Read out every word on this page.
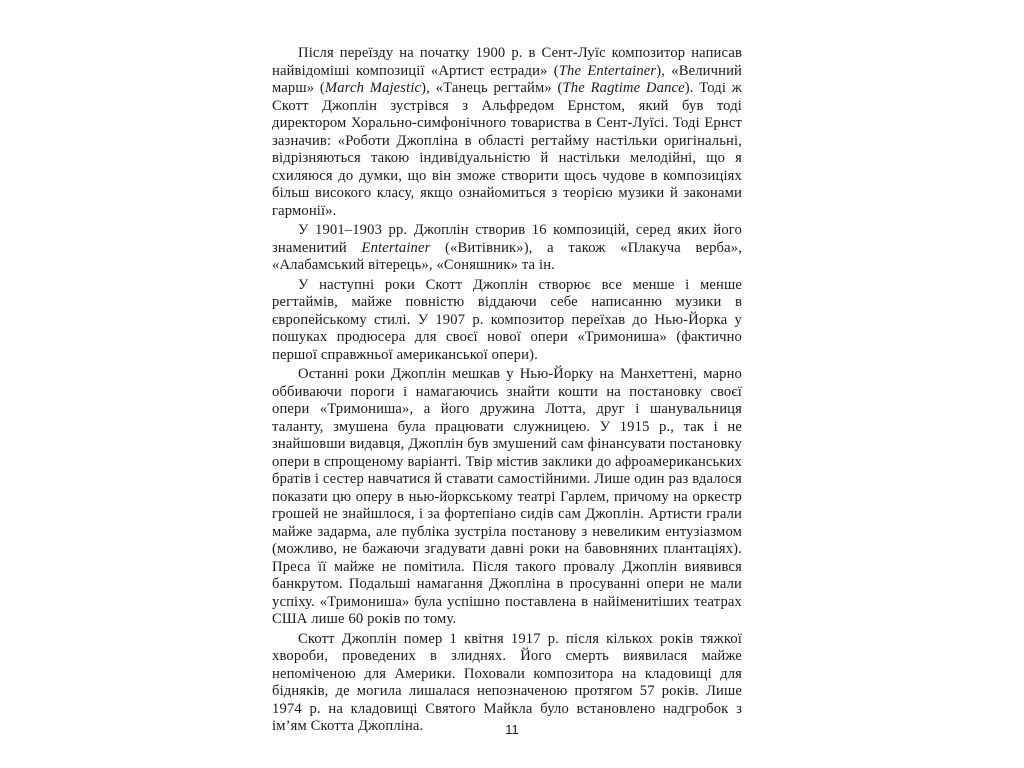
Після переїзду на початку 1900 р. в Сент-Луїс композитор написав найвідоміші композиції «Артист естради» (The Entertainer), «Величний марш» (March Majestic), «Танець регтайм» (The Ragtime Dance). Тоді ж Скотт Джоплін зустрівся з Альфредом Ернстом, який був тоді директором Хорально-симфонічного товариства в Сент-Луїсі. Тоді Ернст зазначив: «Роботи Джопліна в області регтайму настільки оригінальні, відрізняються такою індивідуальністю й настільки мелодійні, що я схиляюся до думки, що він зможе створити щось чудове в композиціях більш високого класу, якщо ознайомиться з теорією музики й законами гармонії».

У 1901–1903 рр. Джоплін створив 16 композицій, серед яких його знаменитий Entertainer («Витівник»), а також «Плакуча верба», «Алабамський вітерець», «Соняшник» та ін.

У наступні роки Скотт Джоплін створює все менше і менше регтаймів, майже повністю віддаючи себе написанню музики в європейському стилі. У 1907 р. композитор переїхав до Нью-Йорка у пошуках продюсера для своєї нової опери «Тримониша» (фактично першої справжньої американської опери).

Останні роки Джоплін мешкав у Нью-Йорку на Манхеттені, марно оббиваючи пороги і намагаючись знайти кошти на постановку своєї опери «Тримониша», а його дружина Лотта, друг і шанувальниця таланту, змушена була працювати служницею. У 1915 р., так і не знайшовши видавця, Джоплін був змушений сам фінансувати постановку опери в спрощеному варіанті. Твір містив заклики до афроамериканських братів і сестер навчатися й ставати самостійними. Лише один раз вдалося показати цю оперу в нью-йоркському театрі Гарлем, причому на оркестр грошей не знайшлося, і за фортепіано сидів сам Джоплін. Артисти грали майже задарма, але публіка зустріла постанову з невеликим ентузіазмом (можливо, не бажаючи згадувати давні роки на бавовняних плантаціях). Преса її майже не помітила. Після такого провалу Джоплін виявився банкрутом. Подальші намагання Джопліна в просуванні опери не мали успіху. «Тримониша» була успішно поставлена в найіменитіших театрах США лише 60 років по тому.

Скотт Джоплін помер 1 квітня 1917 р. після кількох років тяжкої хвороби, проведених в злиднях. Його смерть виявилася майже непоміченою для Америки. Поховали композитора на кладовищі для бідняків, де могила лишалася непозначеною протягом 57 років. Лише 1974 р. на кладовищі Святого Майкла було встановлено надгробок з ім’ям Скотта Джопліна.	11
